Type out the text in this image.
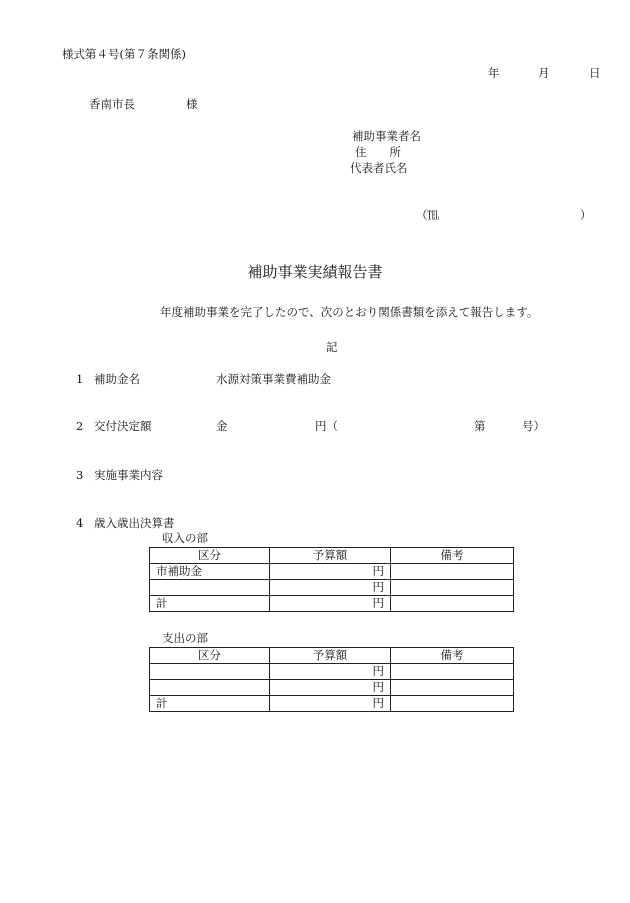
様式第４号(第７条関係)
年	月	日
香南市長	様
補助事業者名
住　　所
代表者氏名
（℡	）
補助事業実績報告書
年度補助事業を完了したので、次のとおり関係書類を添えて報告します。
記
1 補助金名	水源対策事業費補助金
2 交付決定額	金	円（	第	号）
3 実施事業内容
4 歳入歳出決算書
収入の部
区分	予算額	備考
市補助金	円	
	円	
計	円	
支出の部
区分	予算額	備考
	円	
	円	
計	円	
